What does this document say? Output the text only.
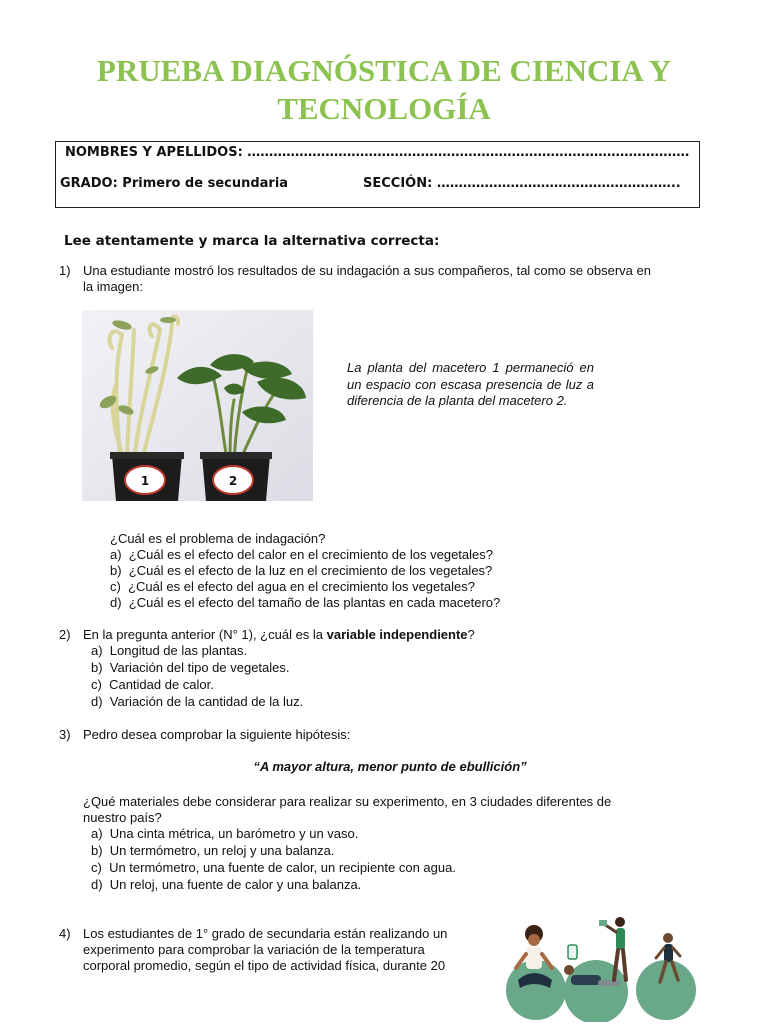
PRUEBA DIAGNÓSTICA DE CIENCIA Y
TECNOLOGÍA
NOMBRES Y APELLIDOS: …………………………………………………………………………………………
GRADO: Primero de secundaria	SECCIÓN: ………………………………………………..
Lee atentamente y marca la alternativa correcta:
1) Una estudiante mostró los resultados de su indagación a sus compañeros, tal como se observa en
la imagen:
1	2
La planta del macetero 1 permaneció en un espacio con escasa presencia de luz a diferencia de la planta del macetero 2.
¿Cuál es el problema de indagación?
a) ¿Cuál es el efecto del calor en el crecimiento de los vegetales?
b) ¿Cuál es el efecto de la luz en el crecimiento de los vegetales?
c) ¿Cuál es el efecto del agua en el crecimiento los vegetales?
d) ¿Cuál es el efecto del tamaño de las plantas en cada macetero?
2) En la pregunta anterior (N° 1), ¿cuál es la variable independiente?
a) Longitud de las plantas.
b) Variación del tipo de vegetales.
c) Cantidad de calor.
d) Variación de la cantidad de la luz.
3) Pedro desea comprobar la siguiente hipótesis:
“A mayor altura, menor punto de ebullición”
¿Qué materiales debe considerar para realizar su experimento, en 3 ciudades diferentes de
nuestro país?
a) Una cinta métrica, un barómetro y un vaso.
b) Un termómetro, un reloj y una balanza.
c) Un termómetro, una fuente de calor, un recipiente con agua.
d) Un reloj, una fuente de calor y una balanza.
4) Los estudiantes de 1° grado de secundaria están realizando un
experimento para comprobar la variación de la temperatura
corporal promedio, según el tipo de actividad física, durante 20
